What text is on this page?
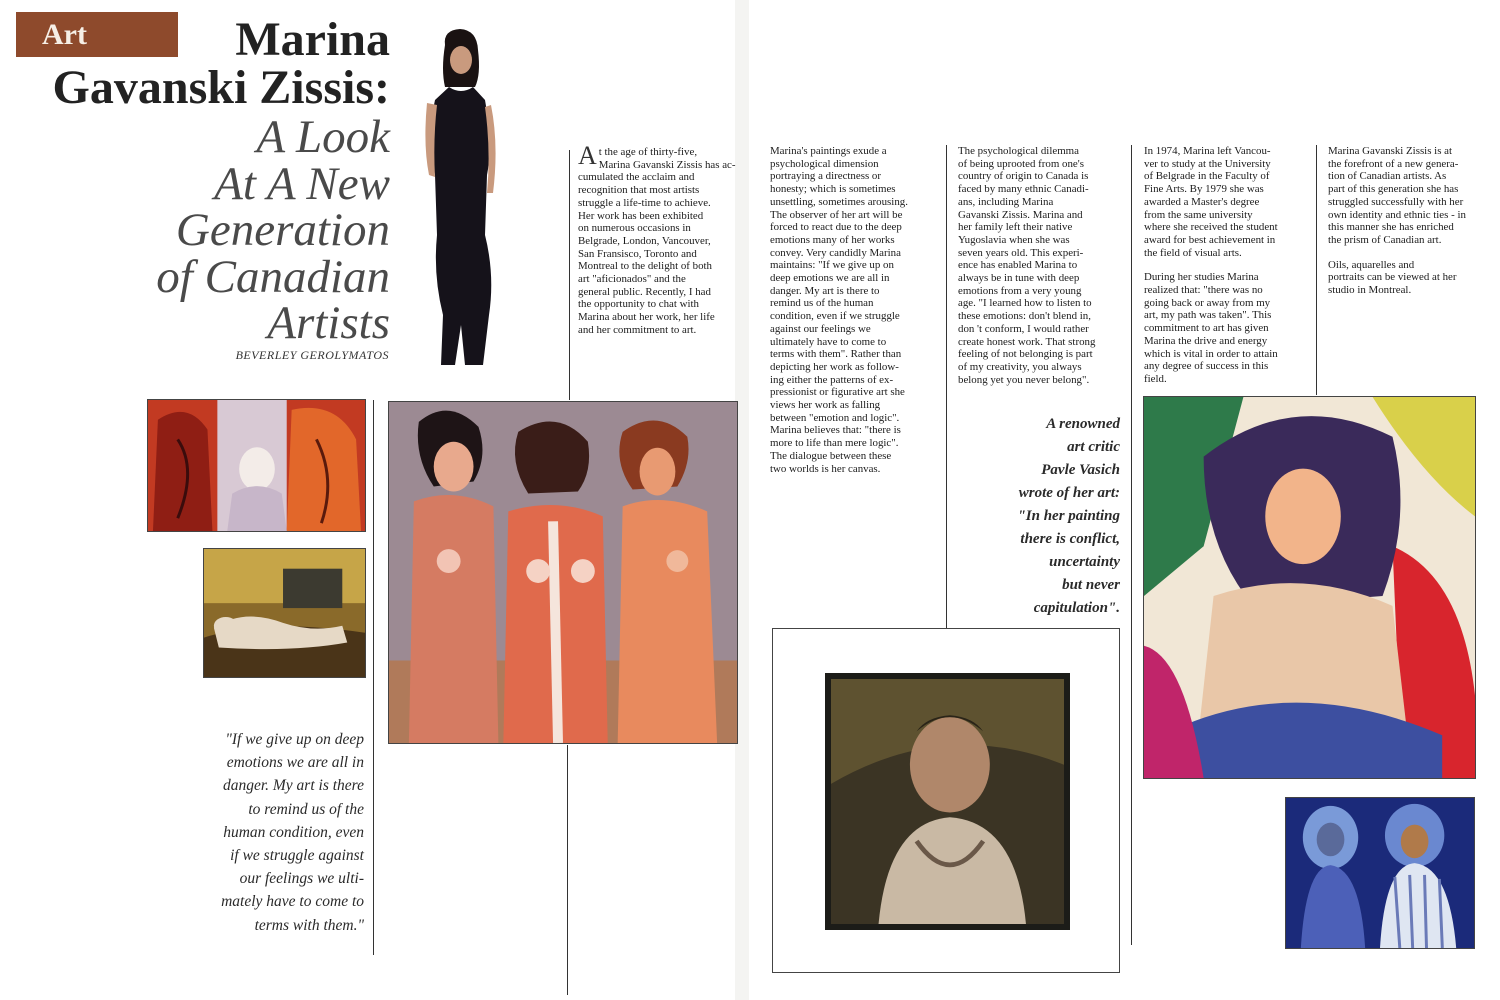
Art	Marina
Gavanski Zissis:
A Look
At A New
Generation
of Canadian
Artists
BEVERLEY GEROLYMATOS

At the age of thirty-five,
Marina Gavanski Zissis has ac-
cumulated the acclaim and
recognition that most artists
struggle a life-time to achieve.
Her work has been exhibited
on numerous occasions in
Belgrade, London, Vancouver,
San Fransisco, Toronto and
Montreal to the delight of both
art "aficionados" and the
general public. Recently, I had
the opportunity to chat with
Marina about her work, her life
and her commitment to art.

Marina's paintings exude a
psychological dimension
portraying a directness or
honesty; which is sometimes
unsettling, sometimes arousing.
The observer of her art will be
forced to react due to the deep
emotions many of her works
convey. Very candidly Marina
maintains: "If we give up on
deep emotions we are all in
danger. My art is there to
remind us of the human
condition, even if we struggle
against our feelings we
ultimately have to come to
terms with them". Rather than
depicting her work as follow-
ing either the patterns of ex-
pressionist or figurative art she
views her work as falling
between "emotion and logic".
Marina believes that: "there is
more to life than mere logic".
The dialogue between these
two worlds is her canvas.

The psychological dilemma
of being uprooted from one's
country of origin to Canada is
faced by many ethnic Canadi-
ans, including Marina
Gavanski Zissis. Marina and
her family left their native
Yugoslavia when she was
seven years old. This experi-
ence has enabled Marina to
always be in tune with deep
emotions from a very young
age. "I learned how to listen to
these emotions: don't blend in,
don 't conform, I would rather
create honest work. That strong
feeling of not belonging is part
of my creativity, you always
belong yet you never belong".

In 1974, Marina left Vancou-
ver to study at the University
of Belgrade in the Faculty of
Fine Arts. By 1979 she was
awarded a Master's degree
from the same university
where she received the student
award for best achievement in
the field of visual arts.

During her studies Marina
realized that: "there was no
going back or away from my
art, my path was taken". This
commitment to art has given
Marina the drive and energy
which is vital in order to attain
any degree of success in this
field.

Marina Gavanski Zissis is at
the forefront of a new genera-
tion of Canadian artists. As
part of this generation she has
struggled successfully with her
own identity and ethnic ties - in
this manner she has enriched
the prism of Canadian art.

Oils, aquarelles and
portraits can be viewed at her
studio in Montreal.

"If we give up on deep
emotions we are all in
danger. My art is there
to remind us of the
human condition, even
if we struggle against
our feelings we ulti-
mately have to come to
terms with them."
A renowned
art critic
Pavle Vasich
wrote of her art:
"In her painting
there is conflict,
uncertainty
but never
capitulation".
